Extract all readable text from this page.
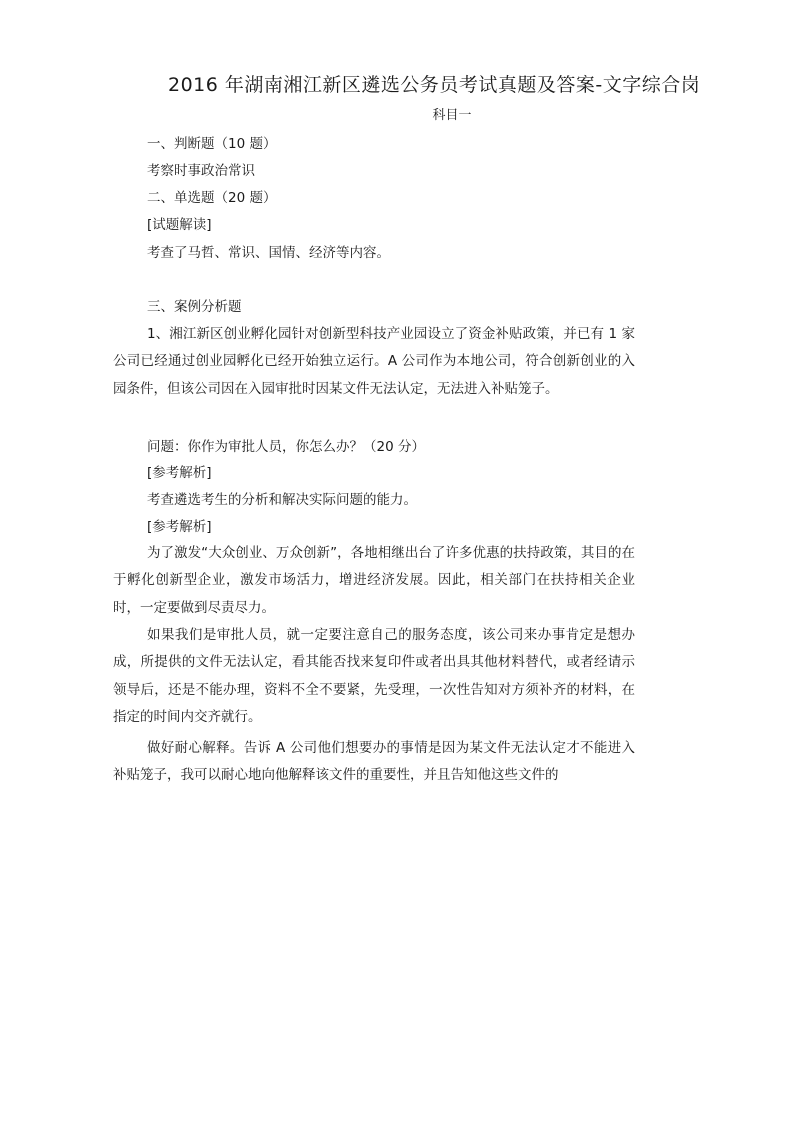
2016 年湖南湘江新区遴选公务员考试真题及答案-文字综合岗
科目一
一、判断题（10 题）
考察时事政治常识
二、单选题（20 题）
[试题解读]
考查了马哲、常识、国情、经济等内容。
三、案例分析题
1、湘江新区创业孵化园针对创新型科技产业园设立了资金补贴政策，并已有 1 家公司已经通过创业园孵化已经开始独立运行。A 公司作为本地公司，符合创新创业的入园条件，但该公司因在入园审批时因某文件无法认定，无法进入补贴笼子。
问题：你作为审批人员，你怎么办？（20 分）
[参考解析]
考查遴选考生的分析和解决实际问题的能力。
[参考解析]
为了激发“大众创业、万众创新”，各地相继出台了许多优惠的扶持政策，其目的在于孵化创新型企业，激发市场活力，增进经济发展。因此，相关部门在扶持相关企业时，一定要做到尽责尽力。
如果我们是审批人员，就一定要注意自己的服务态度，该公司来办事肯定是想办成，所提供的文件无法认定，看其能否找来复印件或者出具其他材料替代，或者经请示领导后，还是不能办理，资料不全不要紧，先受理，一次性告知对方须补齐的材料，在指定的时间内交齐就行。
做好耐心解释。告诉 A 公司他们想要办的事情是因为某文件无法认定才不能进入补贴笼子，我可以耐心地向他解释该文件的重要性，并且告知他这些文件的
